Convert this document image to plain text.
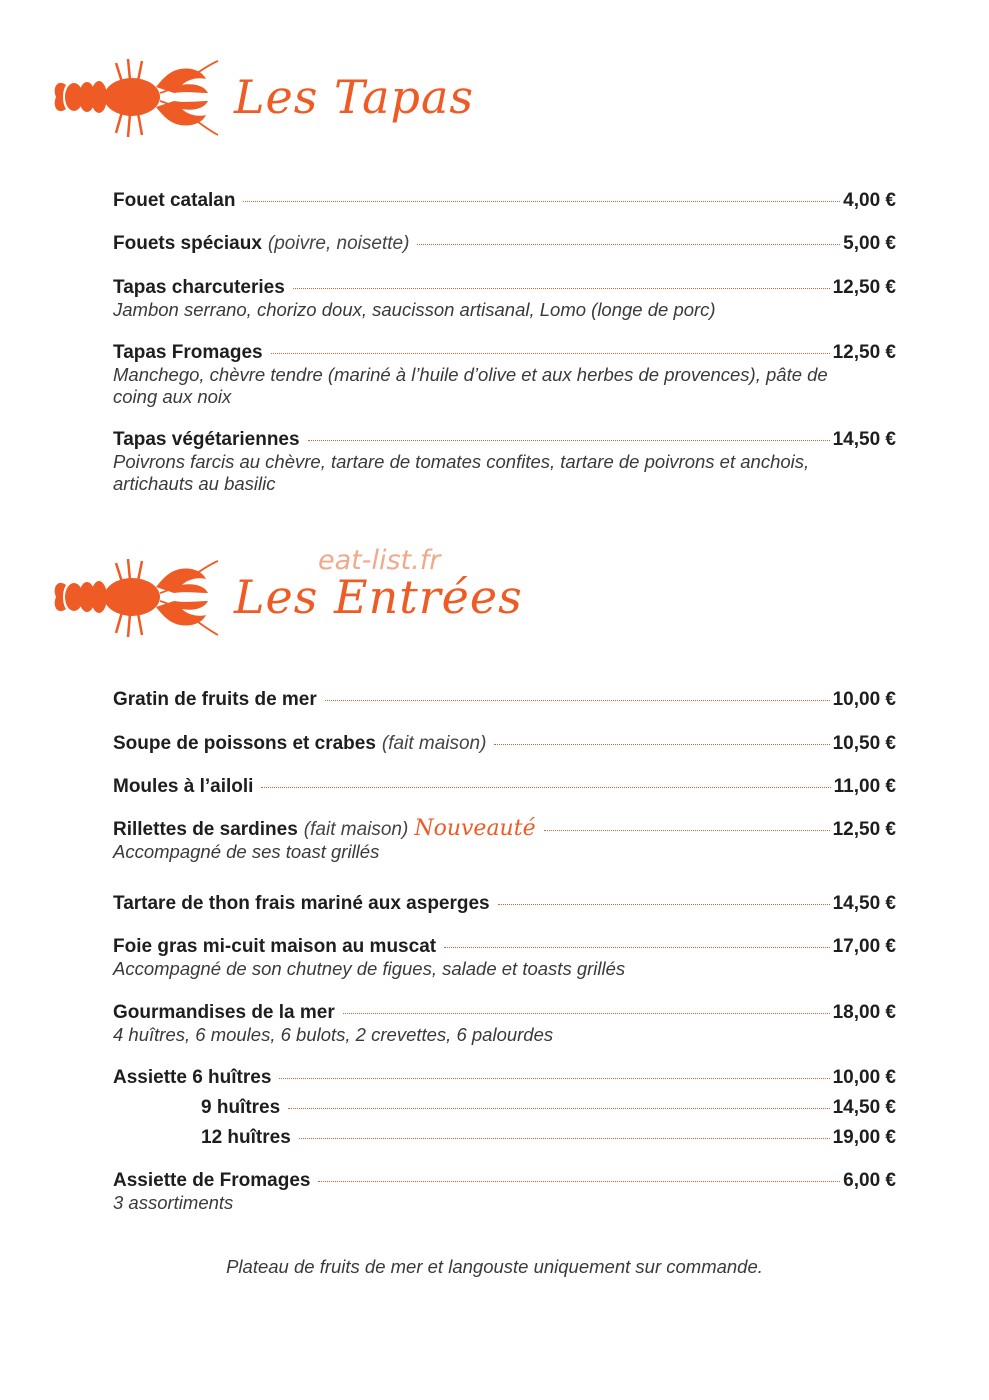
Les Tapas
Fouet catalan	4,00 €
Fouets spéciaux (poivre, noisette)	5,00 €
Tapas charcuteries	12,50 €
Jambon serrano, chorizo doux, saucisson artisanal, Lomo (longe de porc)
Tapas Fromages	12,50 €
Manchego, chèvre tendre (mariné à l’huile d’olive et aux herbes de provences), pâte de coing aux noix
Tapas végétariennes	14,50 €
Poivrons farcis au chèvre, tartare de tomates confites, tartare de poivrons et anchois, artichauts au basilic
Les Entrées
eat-list.fr
Gratin de fruits de mer	10,00 €
Soupe de poissons et crabes (fait maison)	10,50 €
Moules à l’ailoli	11,00 €
Rillettes de sardines (fait maison) Nouveauté	12,50 €
Accompagné de ses toast grillés
Tartare de thon frais mariné aux asperges	14,50 €
Foie gras mi-cuit maison au muscat	17,00 €
Accompagné de son chutney de figues, salade et toasts grillés
Gourmandises de la mer	18,00 €
4 huîtres, 6 moules, 6 bulots, 2 crevettes, 6 palourdes
Assiette 6 huîtres	10,00 €
9 huîtres	14,50 €
12 huîtres	19,00 €
Assiette de Fromages	6,00 €
3 assortiments
Plateau de fruits de mer et langouste uniquement sur commande.
